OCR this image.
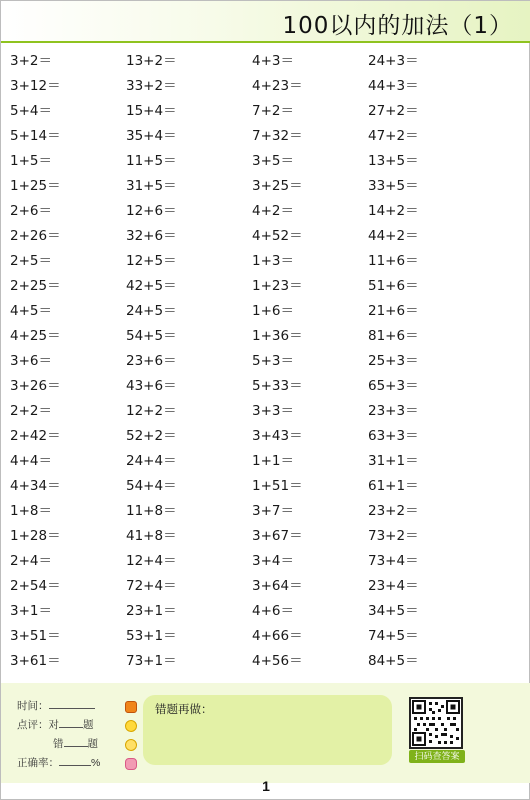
100以内的加法（1）
3+2＝
3+12＝
5+4＝
5+14＝
1+5＝
1+25＝
2+6＝
2+26＝
2+5＝
2+25＝
4+5＝
4+25＝
3+6＝
3+26＝
2+2＝
2+42＝
4+4＝
4+34＝
1+8＝
1+28＝
2+4＝
2+54＝
3+1＝
3+51＝
3+61＝
13+2＝
33+2＝
15+4＝
35+4＝
11+5＝
31+5＝
12+6＝
32+6＝
12+5＝
42+5＝
24+5＝
54+5＝
23+6＝
43+6＝
12+2＝
52+2＝
24+4＝
54+4＝
11+8＝
41+8＝
12+4＝
72+4＝
23+1＝
53+1＝
73+1＝
4+3＝
4+23＝
7+2＝
7+32＝
3+5＝
3+25＝
4+2＝
4+52＝
1+3＝
1+23＝
1+6＝
1+36＝
5+3＝
5+33＝
3+3＝
3+43＝
1+1＝
1+51＝
3+7＝
3+67＝
3+4＝
3+64＝
4+6＝
4+66＝
4+56＝
24+3＝
44+3＝
27+2＝
47+2＝
13+5＝
33+5＝
14+2＝
44+2＝
11+6＝
51+6＝
21+6＝
81+6＝
25+3＝
65+3＝
23+3＝
63+3＝
31+1＝
61+1＝
23+2＝
73+2＝
73+4＝
23+4＝
34+5＝
74+5＝
84+5＝
时间：
点评：对 题
错 题
正确率：	%
错题再做：
扫码查答案
1
